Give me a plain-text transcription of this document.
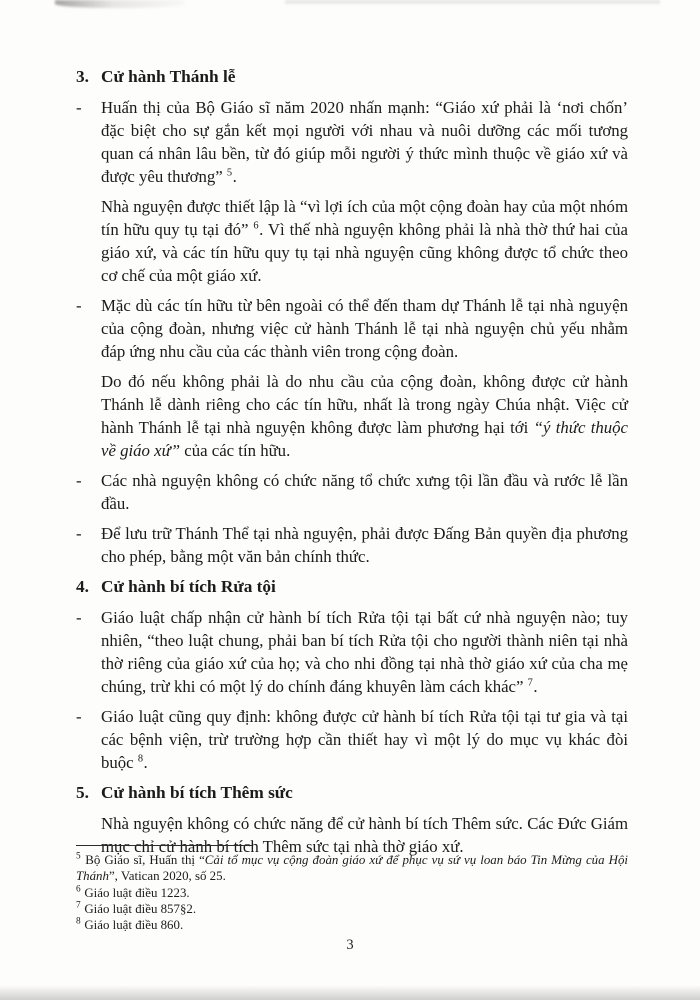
3. Cử hành Thánh lễ
-	Huấn thị của Bộ Giáo sĩ năm 2020 nhấn mạnh: “Giáo xứ phải là ‘nơi chốn’ đặc biệt cho sự gắn kết mọi người với nhau và nuôi dưỡng các mối tương quan cá nhân lâu bền, từ đó giúp mỗi người ý thức mình thuộc về giáo xứ và được yêu thương” $^5$.
Nhà nguyện được thiết lập là “vì lợi ích của một cộng đoàn hay của một nhóm tín hữu quy tụ tại đó” $^6$. Vì thế nhà nguyện không phải là nhà thờ thứ hai của giáo xứ, và các tín hữu quy tụ tại nhà nguyện cũng không được tổ chức theo cơ chế của một giáo xứ.
-	Mặc dù các tín hữu từ bên ngoài có thể đến tham dự Thánh lễ tại nhà nguyện của cộng đoàn, nhưng việc cử hành Thánh lễ tại nhà nguyện chủ yếu nhằm đáp ứng nhu cầu của các thành viên trong cộng đoàn.
Do đó nếu không phải là do nhu cầu của cộng đoàn, không được cử hành Thánh lễ dành riêng cho các tín hữu, nhất là trong ngày Chúa nhật. Việc cử hành Thánh lễ tại nhà nguyện không được làm phương hại tới “ý thức thuộc về giáo xứ” của các tín hữu.
-	Các nhà nguyện không có chức năng tổ chức xưng tội lần đầu và rước lễ lần đầu.
-	Để lưu trữ Thánh Thể tại nhà nguyện, phải được Đấng Bản quyền địa phương cho phép, bằng một văn bản chính thức.
4. Cử hành bí tích Rửa tội
-	Giáo luật chấp nhận cử hành bí tích Rửa tội tại bất cứ nhà nguyện nào; tuy nhiên, “theo luật chung, phải ban bí tích Rửa tội cho người thành niên tại nhà thờ riêng của giáo xứ của họ; và cho nhi đồng tại nhà thờ giáo xứ của cha mẹ chúng, trừ khi có một lý do chính đáng khuyên làm cách khác” $^7$.
-	Giáo luật cũng quy định: không được cử hành bí tích Rửa tội tại tư gia và tại các bệnh viện, trừ trường hợp cần thiết hay vì một lý do mục vụ khác đòi buộc $^8$.
5. Cử hành bí tích Thêm sức
Nhà nguyện không có chức năng để cử hành bí tích Thêm sức. Các Đức Giám mục chỉ cử hành bí tích Thêm sức tại nhà thờ giáo xứ.
$^5$ Bộ Giáo sĩ, Huấn thị “Cải tổ mục vụ cộng đoàn giáo xứ để phục vụ sứ vụ loan báo Tin Mừng của Hội Thánh”, Vatican 2020, số 25.
$^6$ Giáo luật điều 1223.
$^7$ Giáo luật điều 857§2.
$^8$ Giáo luật điều 860.
3
